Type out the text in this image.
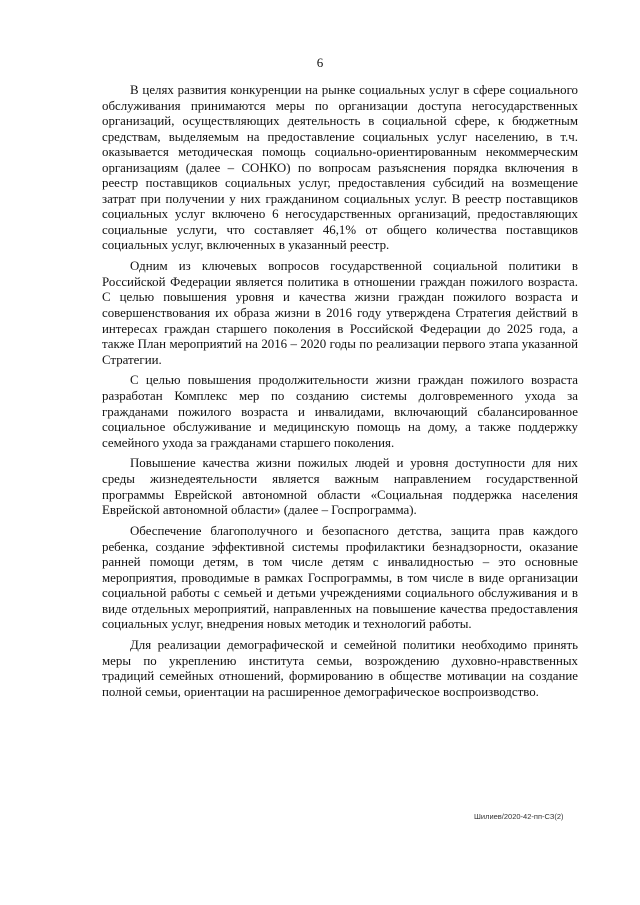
6

В целях развития конкуренции на рынке социальных услуг в сфере социального обслуживания принимаются меры по организации доступа негосударственных организаций, осуществляющих деятельность в социальной сфере, к бюджетным средствам, выделяемым на предоставление социальных услуг населению, в т.ч. оказывается методическая помощь социально-ориентированным некоммерческим организациям (далее – СОНКО) по вопросам разъяснения порядка включения в реестр поставщиков социальных услуг, предоставления субсидий на возмещение затрат при получении у них гражданином социальных услуг. В реестр поставщиков социальных услуг включено 6 негосударственных организаций, предоставляющих социальные услуги, что составляет 46,1% от общего количества поставщиков социальных услуг, включенных в указанный реестр.

Одним из ключевых вопросов государственной социальной политики в Российской Федерации является политика в отношении граждан пожилого возраста. С целью повышения уровня и качества жизни граждан пожилого возраста и совершенствования их образа жизни в 2016 году утверждена Стратегия действий в интересах граждан старшего поколения в Российской Федерации до 2025 года, а также План мероприятий на 2016 – 2020 годы по реализации первого этапа указанной Стратегии.

С целью повышения продолжительности жизни граждан пожилого возраста разработан Комплекс мер по созданию системы долговременного ухода за гражданами пожилого возраста и инвалидами, включающий сбалансированное социальное обслуживание и медицинскую помощь на дому, а также поддержку семейного ухода за гражданами старшего поколения.

Повышение качества жизни пожилых людей и уровня доступности для них среды жизнедеятельности является важным направлением государственной программы Еврейской автономной области «Социальная поддержка населения Еврейской автономной области» (далее – Госпрограмма).

Обеспечение благополучного и безопасного детства, защита прав каждого ребенка, создание эффективной системы профилактики безнадзорности, оказание ранней помощи детям, в том числе детям с инвалидностью – это основные мероприятия, проводимые в рамках Госпрограммы, в том числе в виде организации социальной работы с семьей и детьми учреждениями социального обслуживания и в виде отдельных мероприятий, направленных на повышение качества предоставления социальных услуг, внедрения новых методик и технологий работы.

Для реализации демографической и семейной политики необходимо принять меры по укреплению института семьи, возрождению духовно-нравственных традиций семейных отношений, формированию в обществе мотивации на создание полной семьи, ориентации на расширенное демографическое воспроизводство.

Шилиев/2020-42-пп-СЗ(2)
